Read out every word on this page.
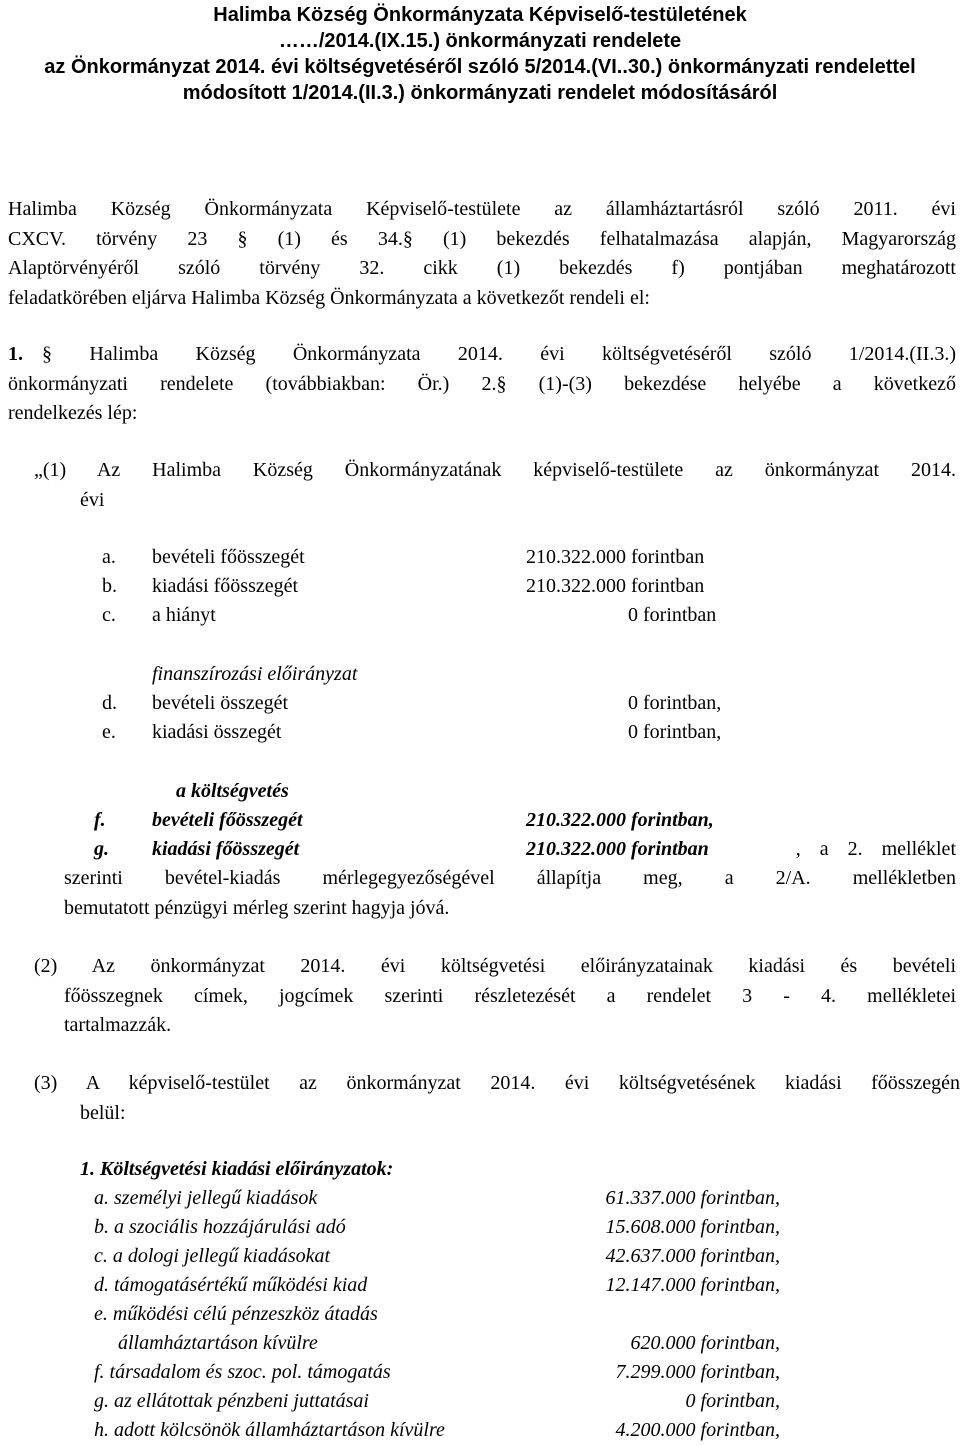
Halimba Község Önkormányzata Képviselő-testületének
……/2014.(IX.15.) önkormányzati rendelete
az Önkormányzat 2014. évi költségvetéséről szóló 5/2014.(VI..30.) önkormányzati rendelettel
módosított 1/2014.(II.3.) önkormányzati rendelet módosításáról
Halimba Község Önkormányzata Képviselő-testülete az államháztartásról szóló 2011. évi
CXCV. törvény 23 § (1) és 34.§ (1) bekezdés felhatalmazása alapján, Magyarország
Alaptörvényéről szóló törvény 32. cikk (1) bekezdés f) pontjában meghatározott
feladatkörében eljárva Halimba Község Önkormányzata a következőt rendeli el:
1. § Halimba Község Önkormányzata 2014. évi költségvetéséről szóló 1/2014.(II.3.)
önkormányzati rendelete (továbbiakban: Ör.) 2.§ (1)-(3) bekezdése helyébe a következő
rendelkezés lép:
„(1) Az Halimba Község Önkormányzatának képviselő-testülete az önkormányzat 2014.
évi
a. bevételi főösszegét	210.322.000 forintban
b. kiadási főösszegét	210.322.000 forintban
c. a hiányt	0 forintban
finanszírozási előirányzat
d. bevételi összegét	0 forintban,
e. kiadási összegét	0 forintban,
a költségvetés
f. bevételi főösszegét	210.322.000 forintban,
g. kiadási főösszegét	210.322.000 forintban	, a 2. melléklet
szerinti bevétel-kiadás mérlegegyezőségével állapítja meg, a 2/A. mellékletben
bemutatott pénzügyi mérleg szerint hagyja jóvá.
(2) Az önkormányzat 2014. évi költségvetési előirányzatainak kiadási és bevételi
főösszegnek címek, jogcímek szerinti részletezését a rendelet 3 - 4. mellékletei
tartalmazzák.
(3) A képviselő-testület az önkormányzat 2014. évi költségvetésének kiadási főösszegén
belül:
1. Költségvetési kiadási előirányzatok:
a. személyi jellegű kiadások	61.337.000 forintban,
b. a szociális hozzájárulási adó	15.608.000 forintban,
c. a dologi jellegű kiadásokat	42.637.000 forintban,
d. támogatásértékű működési kiad	12.147.000 forintban,
e. működési célú pénzeszköz átadás
államháztartáson kívülre	620.000 forintban,
f. társadalom és szoc. pol. támogatás	7.299.000 forintban,
g. az ellátottak pénzbeni juttatásai	0 forintban,
h. adott kölcsönök államháztartáson kívülre	4.200.000 forintban,
